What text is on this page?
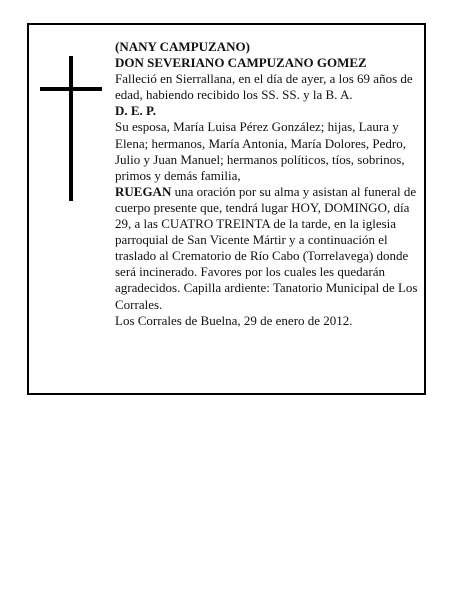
(NANY CAMPUZANO)

DON SEVERIANO CAMPUZANO GOMEZ

Falleció en Sierrallana, en el día de ayer, a los 69 años de edad, habiendo recibido los SS. SS. y la B. A.

D. E. P.

Su esposa, María Luisa Pérez González; hijas, Laura y Elena; hermanos, María Antonia, María Dolores, Pedro, Julio y Juan Manuel; hermanos políticos, tíos, sobrinos, primos y demás familia,

RUEGAN una oración por su alma y asistan al funeral de cuerpo presente que, tendrá lugar HOY, DOMINGO, día 29, a las CUATRO TREINTA de la tarde, en la iglesia parroquial de San Vicente Mártir y a continuación el traslado al Crematorio de Río Cabo (Torrelavega) donde será incinerado. Favores por los cuales les quedarán agradecidos. Capilla ardiente: Tanatorio Municipal de Los Corrales.

Los Corrales de Buelna, 29 de enero de 2012.
